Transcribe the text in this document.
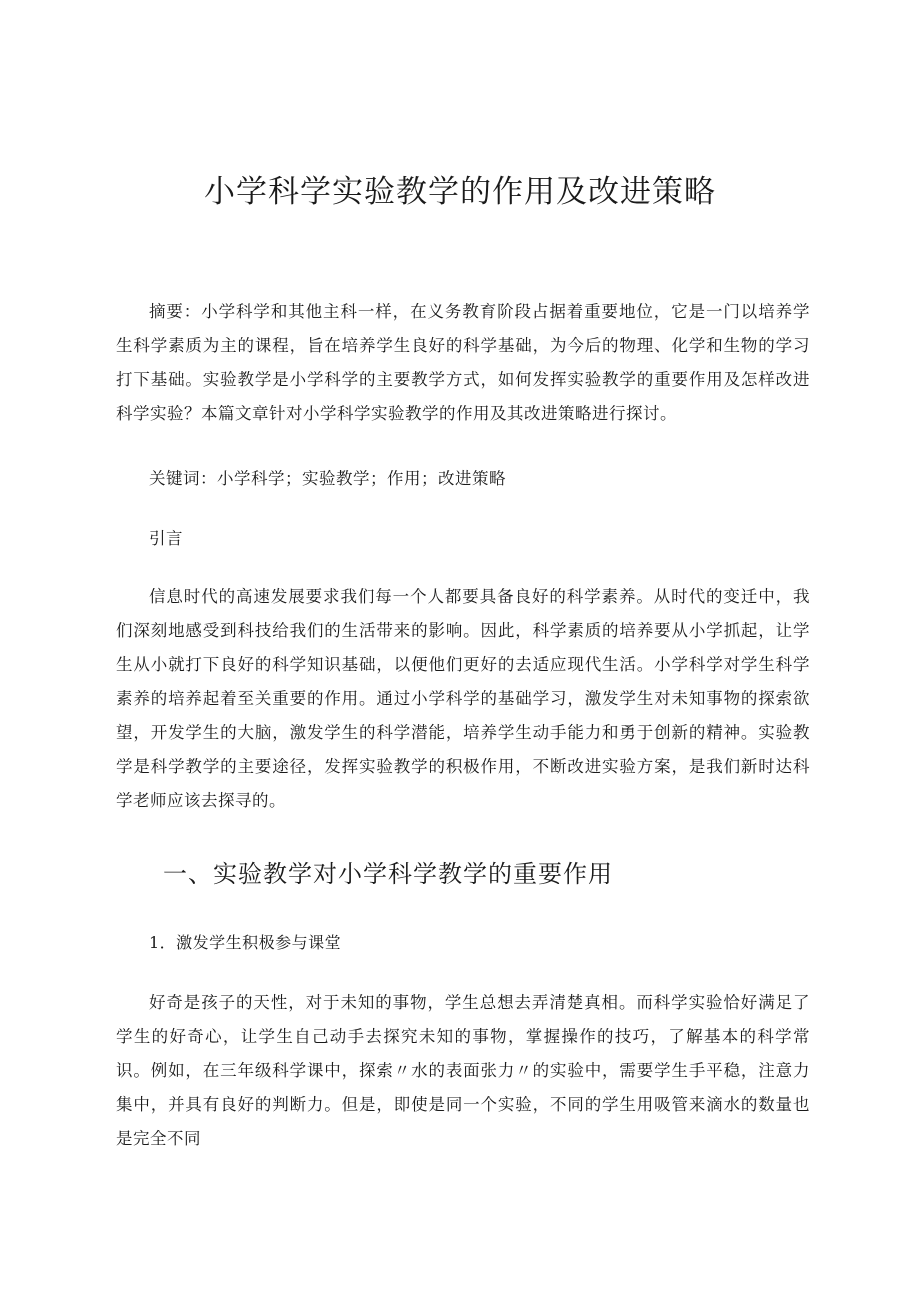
小学科学实验教学的作用及改进策略

摘要：小学科学和其他主科一样，在义务教育阶段占据着重要地位，它是一门以培养学生科学素质为主的课程，旨在培养学生良好的科学基础，为今后的物理、化学和生物的学习打下基础。实验教学是小学科学的主要教学方式，如何发挥实验教学的重要作用及怎样改进科学实验？本篇文章针对小学科学实验教学的作用及其改进策略进行探讨。

关键词：小学科学；实验教学；作用；改进策略

引言

信息时代的高速发展要求我们每一个人都要具备良好的科学素养。从时代的变迁中，我们深刻地感受到科技给我们的生活带来的影响。因此，科学素质的培养要从小学抓起，让学生从小就打下良好的科学知识基础，以便他们更好的去适应现代生活。小学科学对学生科学素养的培养起着至关重要的作用。通过小学科学的基础学习，激发学生对未知事物的探索欲望，开发学生的大脑，激发学生的科学潜能，培养学生动手能力和勇于创新的精神。实验教学是科学教学的主要途径，发挥实验教学的积极作用，不断改进实验方案，是我们新时达科学老师应该去探寻的。

一、实验教学对小学科学教学的重要作用

1．激发学生积极参与课堂

好奇是孩子的天性，对于未知的事物，学生总想去弄清楚真相。而科学实验恰好满足了学生的好奇心，让学生自己动手去探究未知的事物，掌握操作的技巧，了解基本的科学常识。例如，在三年级科学课中，探索〃水的表面张力〃的实验中，需要学生手平稳，注意力集中，并具有良好的判断力。但是，即使是同一个实验，不同的学生用吸管来滴水的数量也是完全不同
